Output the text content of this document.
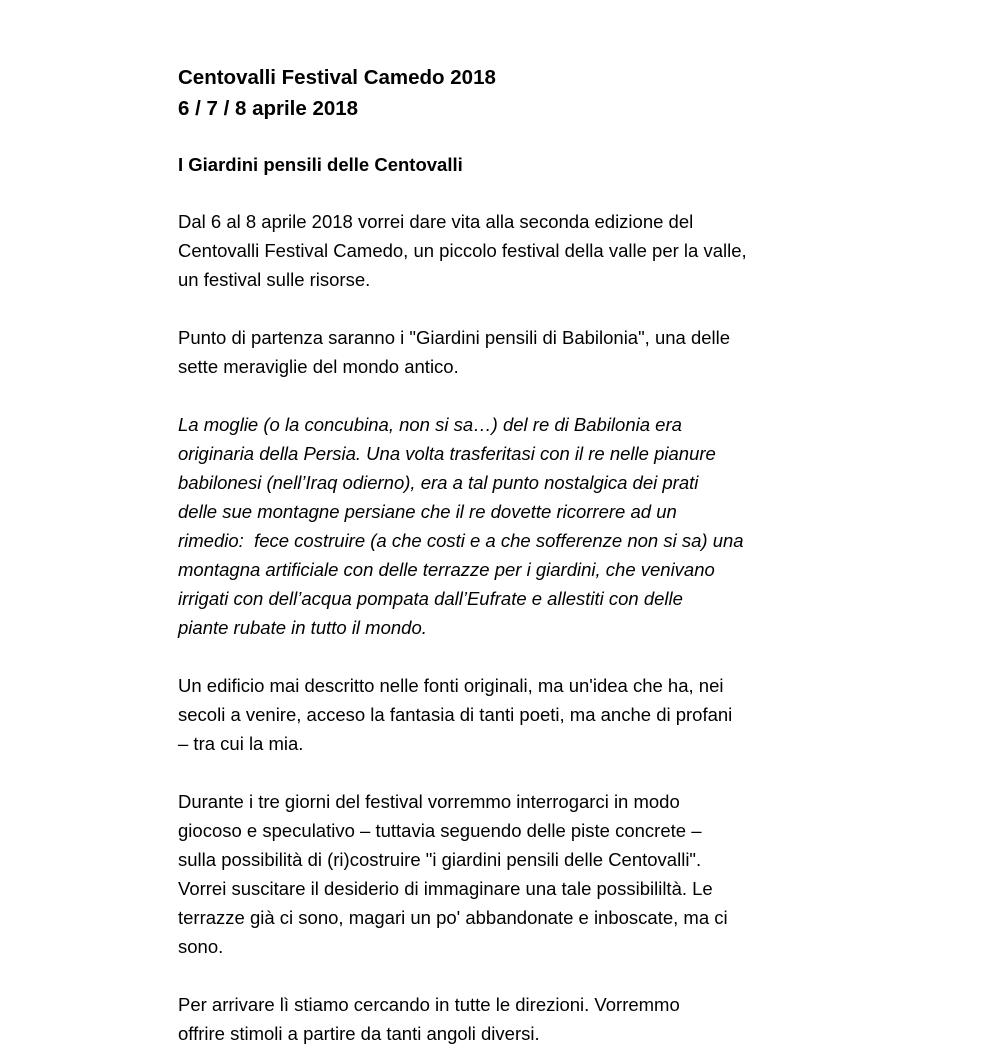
Centovalli Festival Camedo 2018
6 / 7 / 8 aprile 2018
I Giardini pensili delle Centovalli

Dal 6 al 8 aprile 2018 vorrei dare vita alla seconda edizione del
Centovalli Festival Camedo, un piccolo festival della valle per la valle,
un festival sulle risorse.

Punto di partenza saranno i "Giardini pensili di Babilonia", una delle
sette meraviglie del mondo antico.

La moglie (o la concubina, non si sa…) del re di Babilonia era
originaria della Persia. Una volta trasferitasi con il re nelle pianure
babilonesi (nell’Iraq odierno), era a tal punto nostalgica dei prati
delle sue montagne persiane che il re dovette ricorrere ad un
rimedio:  fece costruire (a che costi e a che sofferenze non si sa) una
montagna artificiale con delle terrazze per i giardini, che venivano
irrigati con dell’acqua pompata dall’Eufrate e allestiti con delle
piante rubate in tutto il mondo.

Un edificio mai descritto nelle fonti originali, ma un'idea che ha, nei
secoli a venire, acceso la fantasia di tanti poeti, ma anche di profani
– tra cui la mia.

Durante i tre giorni del festival vorremmo interrogarci in modo
giocoso e speculativo – tuttavia seguendo delle piste concrete –
sulla possibilità di (ri)costruire "i giardini pensili delle Centovalli".
Vorrei suscitare il desiderio di immaginare una tale possibililtà. Le
terrazze già ci sono, magari un po' abbandonate e inboscate, ma ci
sono.

Per arrivare lì stiamo cercando in tutte le direzioni. Vorremmo
offrire stimoli a partire da tanti angoli diversi.
